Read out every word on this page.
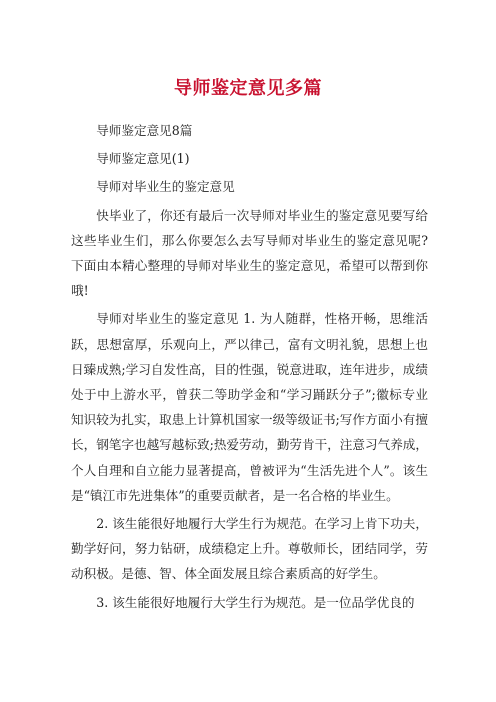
导师鉴定意见多篇

导师鉴定意见8篇

导师鉴定意见(1)

导师对毕业生的鉴定意见

快毕业了，你还有最后一次导师对毕业生的鉴定意见要写给这些毕业生们，那么你要怎么去写导师对毕业生的鉴定意见呢?下面由本精心整理的导师对毕业生的鉴定意见，希望可以帮到你哦!

导师对毕业生的鉴定意见 1. 为人随群，性格开畅，思维活跃，思想富厚，乐观向上，严以律己，富有文明礼貌，思想上也日臻成熟;学习自发性高，目的性强，锐意进取，连年进步，成绩处于中上游水平，曾获二等助学金和“学习踊跃分子”;徽标专业知识较为扎实，取患上计算机国家一级等级证书;写作方面小有擅长，钢笔字也越写越标致;热爱劳动，勤劳肯干，注意习气养成，个人自理和自立能力显著提高，曾被评为“生活先进个人”。该生是“镇江市先进集体”的重要贡献者，是一名合格的毕业生。

2. 该生能很好地履行大学生行为规范。在学习上肯下功夫，勤学好问，努力钻研，成绩稳定上升。尊敬师长，团结同学，劳动积极。是德、智、体全面发展且综合素质高的好学生。

3. 该生能很好地履行大学生行为规范。是一位品学优良的
